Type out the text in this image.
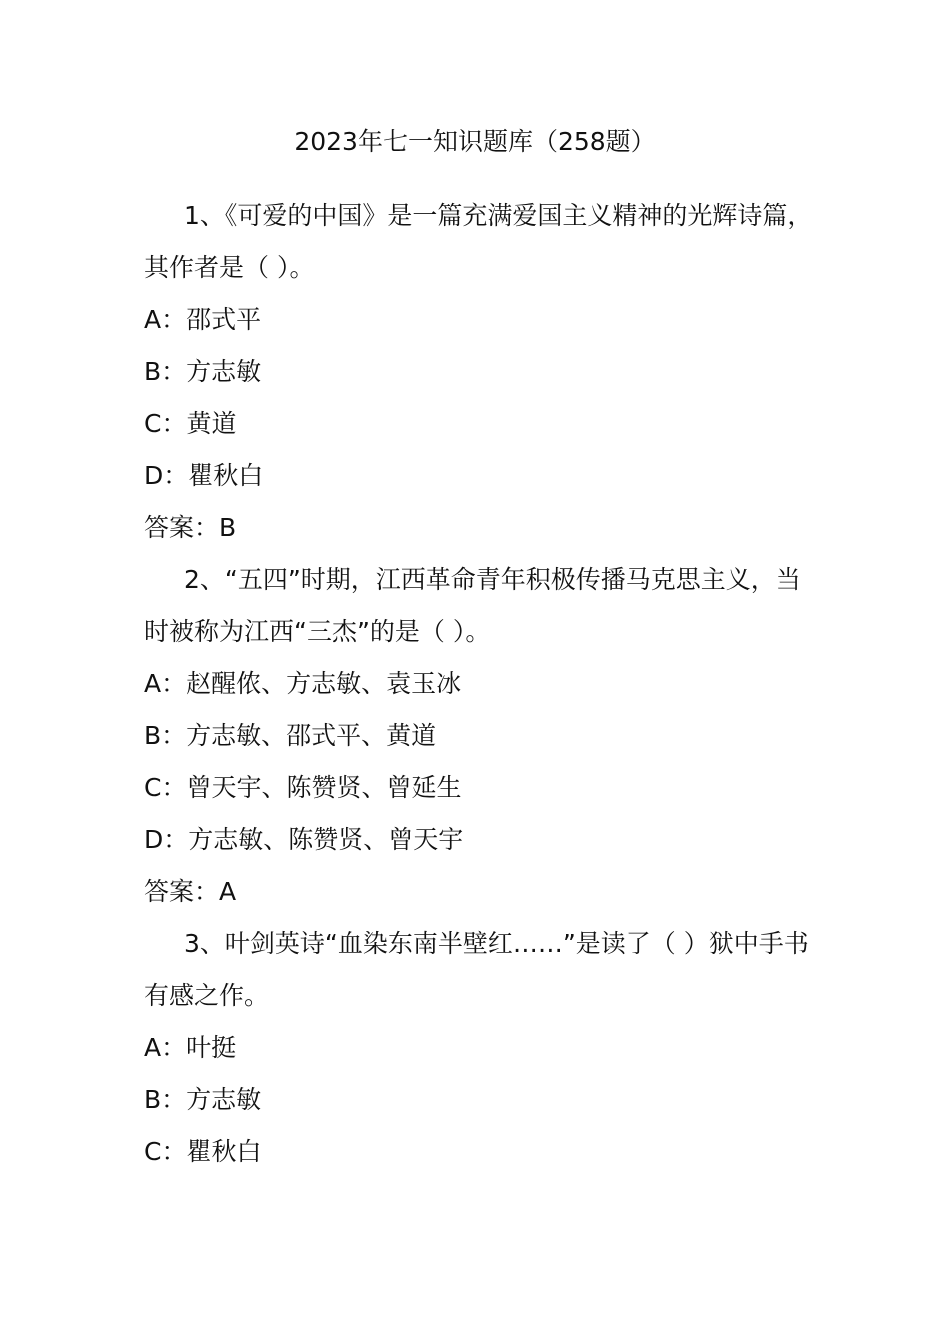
2023年七一知识题库（258题）

1、《可爱的中国》是一篇充满爱国主义精神的光辉诗篇，其作者是（ ）。

A：邵式平

B：方志敏

C：黄道

D：瞿秋白

答案：B

2、“五四”时期，江西革命青年积极传播马克思主义，当时被称为江西“三杰”的是（ ）。

A：赵醒侬、方志敏、袁玉冰

B：方志敏、邵式平、黄道

C：曾天宇、陈赞贤、曾延生

D：方志敏、陈赞贤、曾天宇

答案：A

3、叶剑英诗“血染东南半壁红……”是读了（ ）狱中手书有感之作。

A：叶挺

B：方志敏

C：瞿秋白
